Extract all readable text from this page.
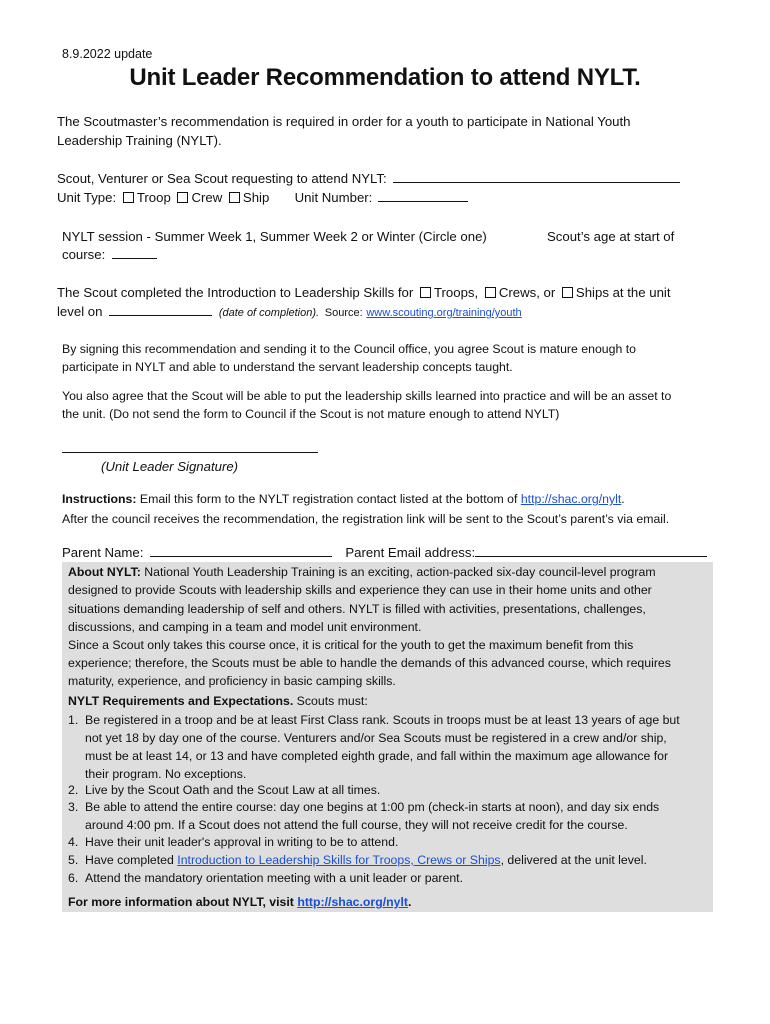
8.9.2022 update
Unit Leader Recommendation to attend NYLT.
The Scoutmaster’s recommendation is required in order for a youth to participate in National Youth
Leadership Training (NYLT).
Scout, Venturer or Sea Scout requesting to attend NYLT:
Unit Type: Troop Crew Ship Unit Number:
NYLT session - Summer Week 1, Summer Week 2 or Winter (Circle one)	Scout’s age at start of
course:
The Scout completed the Introduction to Leadership Skills for Troops, Crews, or Ships at the unit
level on	(date of completion). Source: www.scouting.org/training/youth
By signing this recommendation and sending it to the Council office, you agree Scout is mature enough to
participate in NYLT and able to understand the servant leadership concepts taught.
You also agree that the Scout will be able to put the leadership skills learned into practice and will be an asset to
the unit. (Do not send the form to Council if the Scout is not mature enough to attend NYLT)
(Unit Leader Signature)
Instructions: Email this form to the NYLT registration contact listed at the bottom of http://shac.org/nylt.
After the council receives the recommendation, the registration link will be sent to the Scout’s parent’s via email.
Parent Name:	Parent Email address:
About NYLT: National Youth Leadership Training is an exciting, action-packed six-day council-level program
designed to provide Scouts with leadership skills and experience they can use in their home units and other
situations demanding leadership of self and others. NYLT is filled with activities, presentations, challenges,
discussions, and camping in a team and model unit environment.
Since a Scout only takes this course once, it is critical for the youth to get the maximum benefit from this
experience; therefore, the Scouts must be able to handle the demands of this advanced course, which requires
maturity, experience, and proficiency in basic camping skills.
NYLT Requirements and Expectations. Scouts must:
1. Be registered in a troop and be at least First Class rank. Scouts in troops must be at least 13 years of age but
not yet 18 by day one of the course. Venturers and/or Sea Scouts must be registered in a crew and/or ship,
must be at least 14, or 13 and have completed eighth grade, and fall within the maximum age allowance for
their program. No exceptions.
2. Live by the Scout Oath and the Scout Law at all times.
3. Be able to attend the entire course: day one begins at 1:00 pm (check-in starts at noon), and day six ends
around 4:00 pm. If a Scout does not attend the full course, they will not receive credit for the course.
4. Have their unit leader's approval in writing to be to attend.
5. Have completed Introduction to Leadership Skills for Troops, Crews or Ships, delivered at the unit level.
6. Attend the mandatory orientation meeting with a unit leader or parent.
For more information about NYLT, visit http://shac.org/nylt.
